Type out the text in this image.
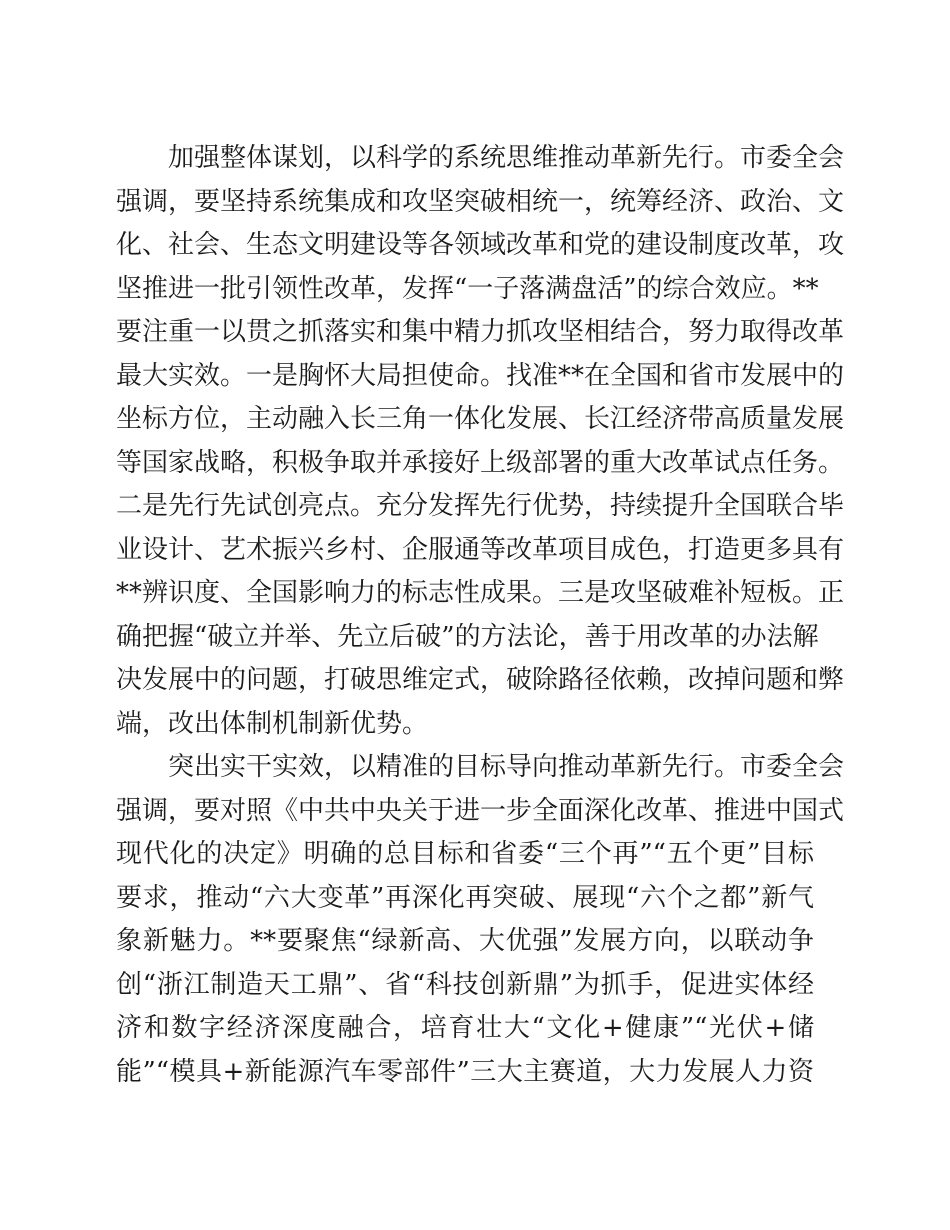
加强整体谋划，以科学的系统思维推动革新先行。市委全会
强调，要坚持系统集成和攻坚突破相统一，统筹经济、政治、文
化、社会、生态文明建设等各领域改革和党的建设制度改革，攻
坚推进一批引领性改革，发挥“一子落满盘活”的综合效应。**
要注重一以贯之抓落实和集中精力抓攻坚相结合，努力取得改革
最大实效。一是胸怀大局担使命。找准**在全国和省市发展中的
坐标方位，主动融入长三角一体化发展、长江经济带高质量发展
等国家战略，积极争取并承接好上级部署的重大改革试点任务。
二是先行先试创亮点。充分发挥先行优势，持续提升全国联合毕
业设计、艺术振兴乡村、企服通等改革项目成色，打造更多具有
**辨识度、全国影响力的标志性成果。三是攻坚破难补短板。正
确把握“破立并举、先立后破”的方法论，善于用改革的办法解
决发展中的问题，打破思维定式，破除路径依赖，改掉问题和弊
端，改出体制机制新优势。
突出实干实效，以精准的目标导向推动革新先行。市委全会
强调，要对照《中共中央关于进一步全面深化改革、推进中国式
现代化的决定》明确的总目标和省委“三个再”“五个更”目标
要求，推动“六大变革”再深化再突破、展现“六个之都”新气
象新魅力。**要聚焦“绿新高、大优强”发展方向，以联动争
创“浙江制造天工鼎”、省“科技创新鼎”为抓手，促进实体经
济和数字经济深度融合，培育壮大“文化+健康”“光伏+储
能”“模具+新能源汽车零部件”三大主赛道，大力发展人力资
